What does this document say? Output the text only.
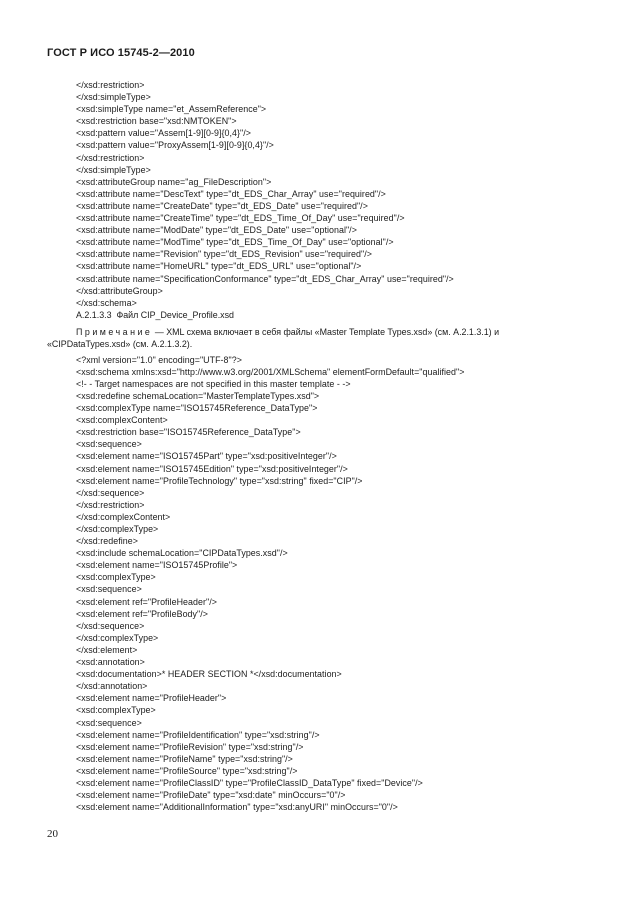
ГОСТ Р ИСО 15745-2—2010
</xsd:restriction>
</xsd:simpleType>
<xsd:simpleType name="et_AssemReference">
<xsd:restriction base="xsd:NMTOKEN">
<xsd:pattern value="Assem[1-9][0-9]{0,4}"/>
<xsd:pattern value="ProxyAssem[1-9][0-9]{0,4}"/>
</xsd:restriction>
</xsd:simpleType>
<xsd:attributeGroup name="ag_FileDescription">
<xsd:attribute name="DescText" type="dt_EDS_Char_Array" use="required"/>
<xsd:attribute name="CreateDate" type="dt_EDS_Date" use="required"/>
<xsd:attribute name="CreateTime" type="dt_EDS_Time_Of_Day" use="required"/>
<xsd:attribute name="ModDate" type="dt_EDS_Date" use="optional"/>
<xsd:attribute name="ModTime" type="dt_EDS_Time_Of_Day" use="optional"/>
<xsd:attribute name="Revision" type="dt_EDS_Revision" use="required"/>
<xsd:attribute name="HomeURL" type="dt_EDS_URL" use="optional"/>
<xsd:attribute name="SpecificationConformance" type="dt_EDS_Char_Array" use="required"/>
</xsd:attributeGroup>
</xsd:schema>
A.2.1.3.3 Файл CIP_Device_Profile.xsd
Примечание — XML схема включает в себя файлы «Master Template Types.xsd» (см. A.2.1.3.1) и «CIPDataTypes.xsd» (см. A.2.1.3.2).
<?xml version="1.0" encoding="UTF-8"?>
<xsd:schema xmlns:xsd="http://www.w3.org/2001/XMLSchema" elementFormDefault="qualified">
<!- - Target namespaces are not specified in this master template - ->
<xsd:redefine schemaLocation="MasterTemplateTypes.xsd">
<xsd:complexType name="ISO15745Reference_DataType">
<xsd:complexContent>
<xsd:restriction base="ISO15745Reference_DataType">
<xsd:sequence>
<xsd:element name="ISO15745Part" type="xsd:positiveInteger"/>
<xsd:element name="ISO15745Edition" type="xsd:positiveInteger"/>
<xsd:element name="ProfileTechnology" type="xsd:string" fixed="CIP"/>
</xsd:sequence>
</xsd:restriction>
</xsd:complexContent>
</xsd:complexType>
</xsd:redefine>
<xsd:include schemaLocation="CIPDataTypes.xsd"/>
<xsd:element name="ISO15745Profile">
<xsd:complexType>
<xsd:sequence>
<xsd:element ref="ProfileHeader"/>
<xsd:element ref="ProfileBody"/>
</xsd:sequence>
</xsd:complexType>
</xsd:element>
<xsd:annotation>
<xsd:documentation>* HEADER SECTION *</xsd:documentation>
</xsd:annotation>
<xsd:element name="ProfileHeader">
<xsd:complexType>
<xsd:sequence>
<xsd:element name="ProfileIdentification" type="xsd:string"/>
<xsd:element name="ProfileRevision" type="xsd:string"/>
<xsd:element name="ProfileName" type="xsd:string"/>
<xsd:element name="ProfileSource" type="xsd:string"/>
<xsd:element name="ProfileClassID" type="ProfileClassID_DataType" fixed="Device"/>
<xsd:element name="ProfileDate" type="xsd:date" minOccurs="0"/>
<xsd:element name="AdditionalInformation" type="xsd:anyURI" minOccurs="0"/>
20
